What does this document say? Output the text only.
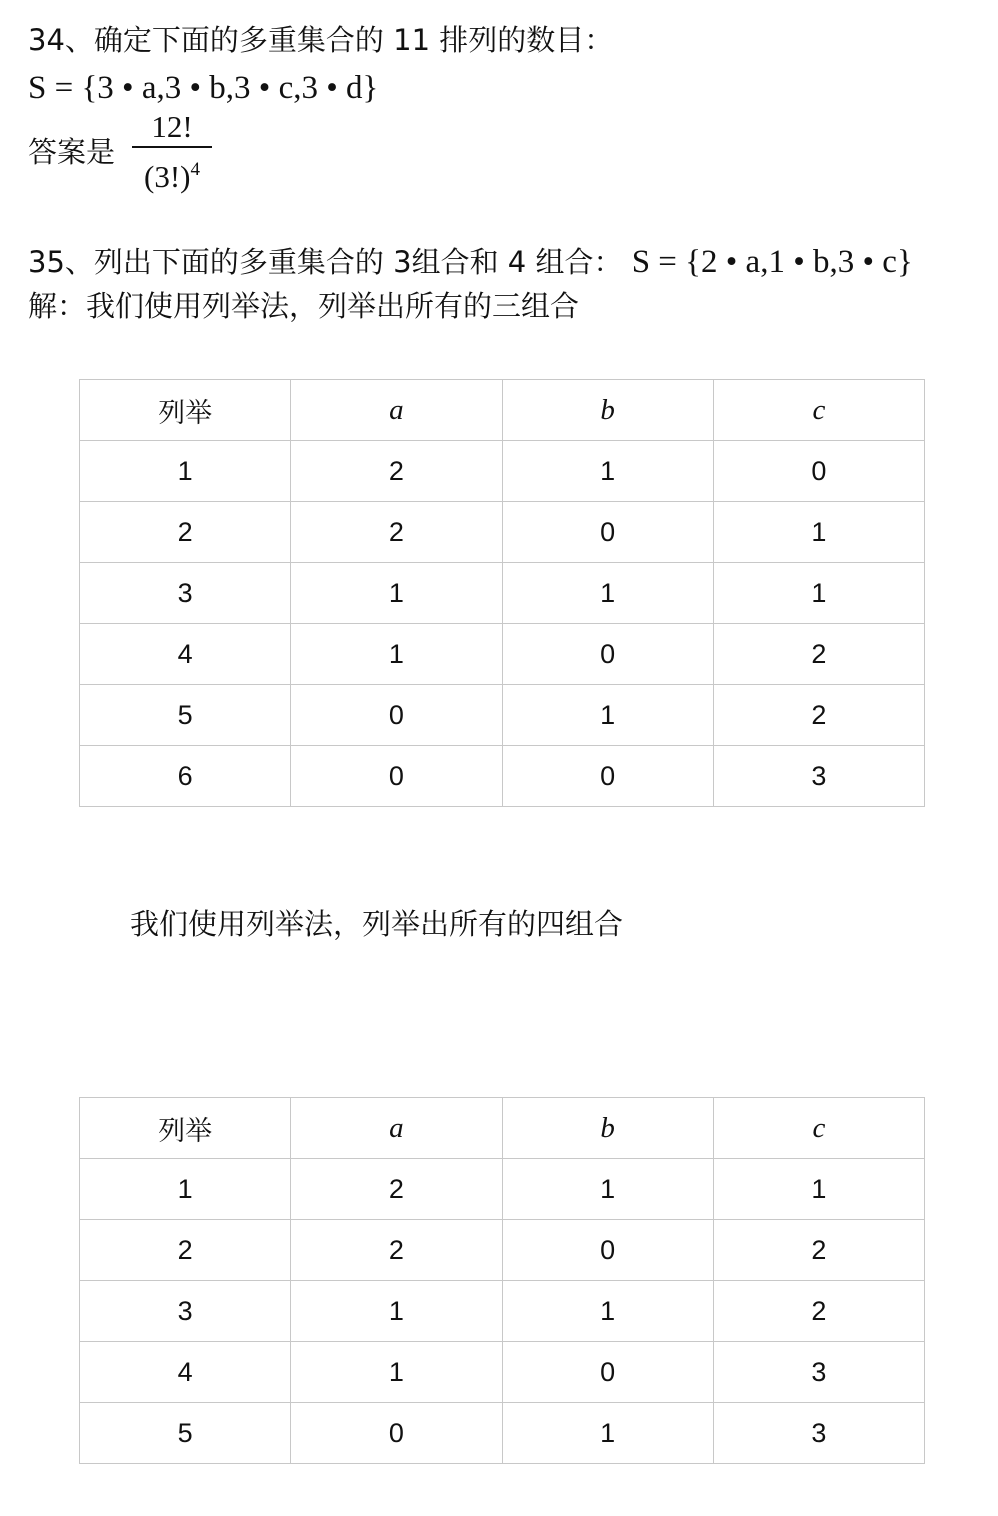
34、确定下面的多重集合的 11 排列的数目：
S = {3 • a,3 • b,3 • c,3 • d}
答案是 $\frac{12!}{(3!)^4}$
35、列出下面的多重集合的 3组合和 4 组合： S = {2 • a,1 • b,3 • c}
解：我们使用列举法，列举出所有的三组合
列举	a	b	c
1	2	1	0
2	2	0	1
3	1	1	1
4	1	0	2
5	0	1	2
6	0	0	3
我们使用列举法，列举出所有的四组合
列举	a	b	c
1	2	1	1
2	2	0	2
3	1	1	2
4	1	0	3
5	0	1	3
